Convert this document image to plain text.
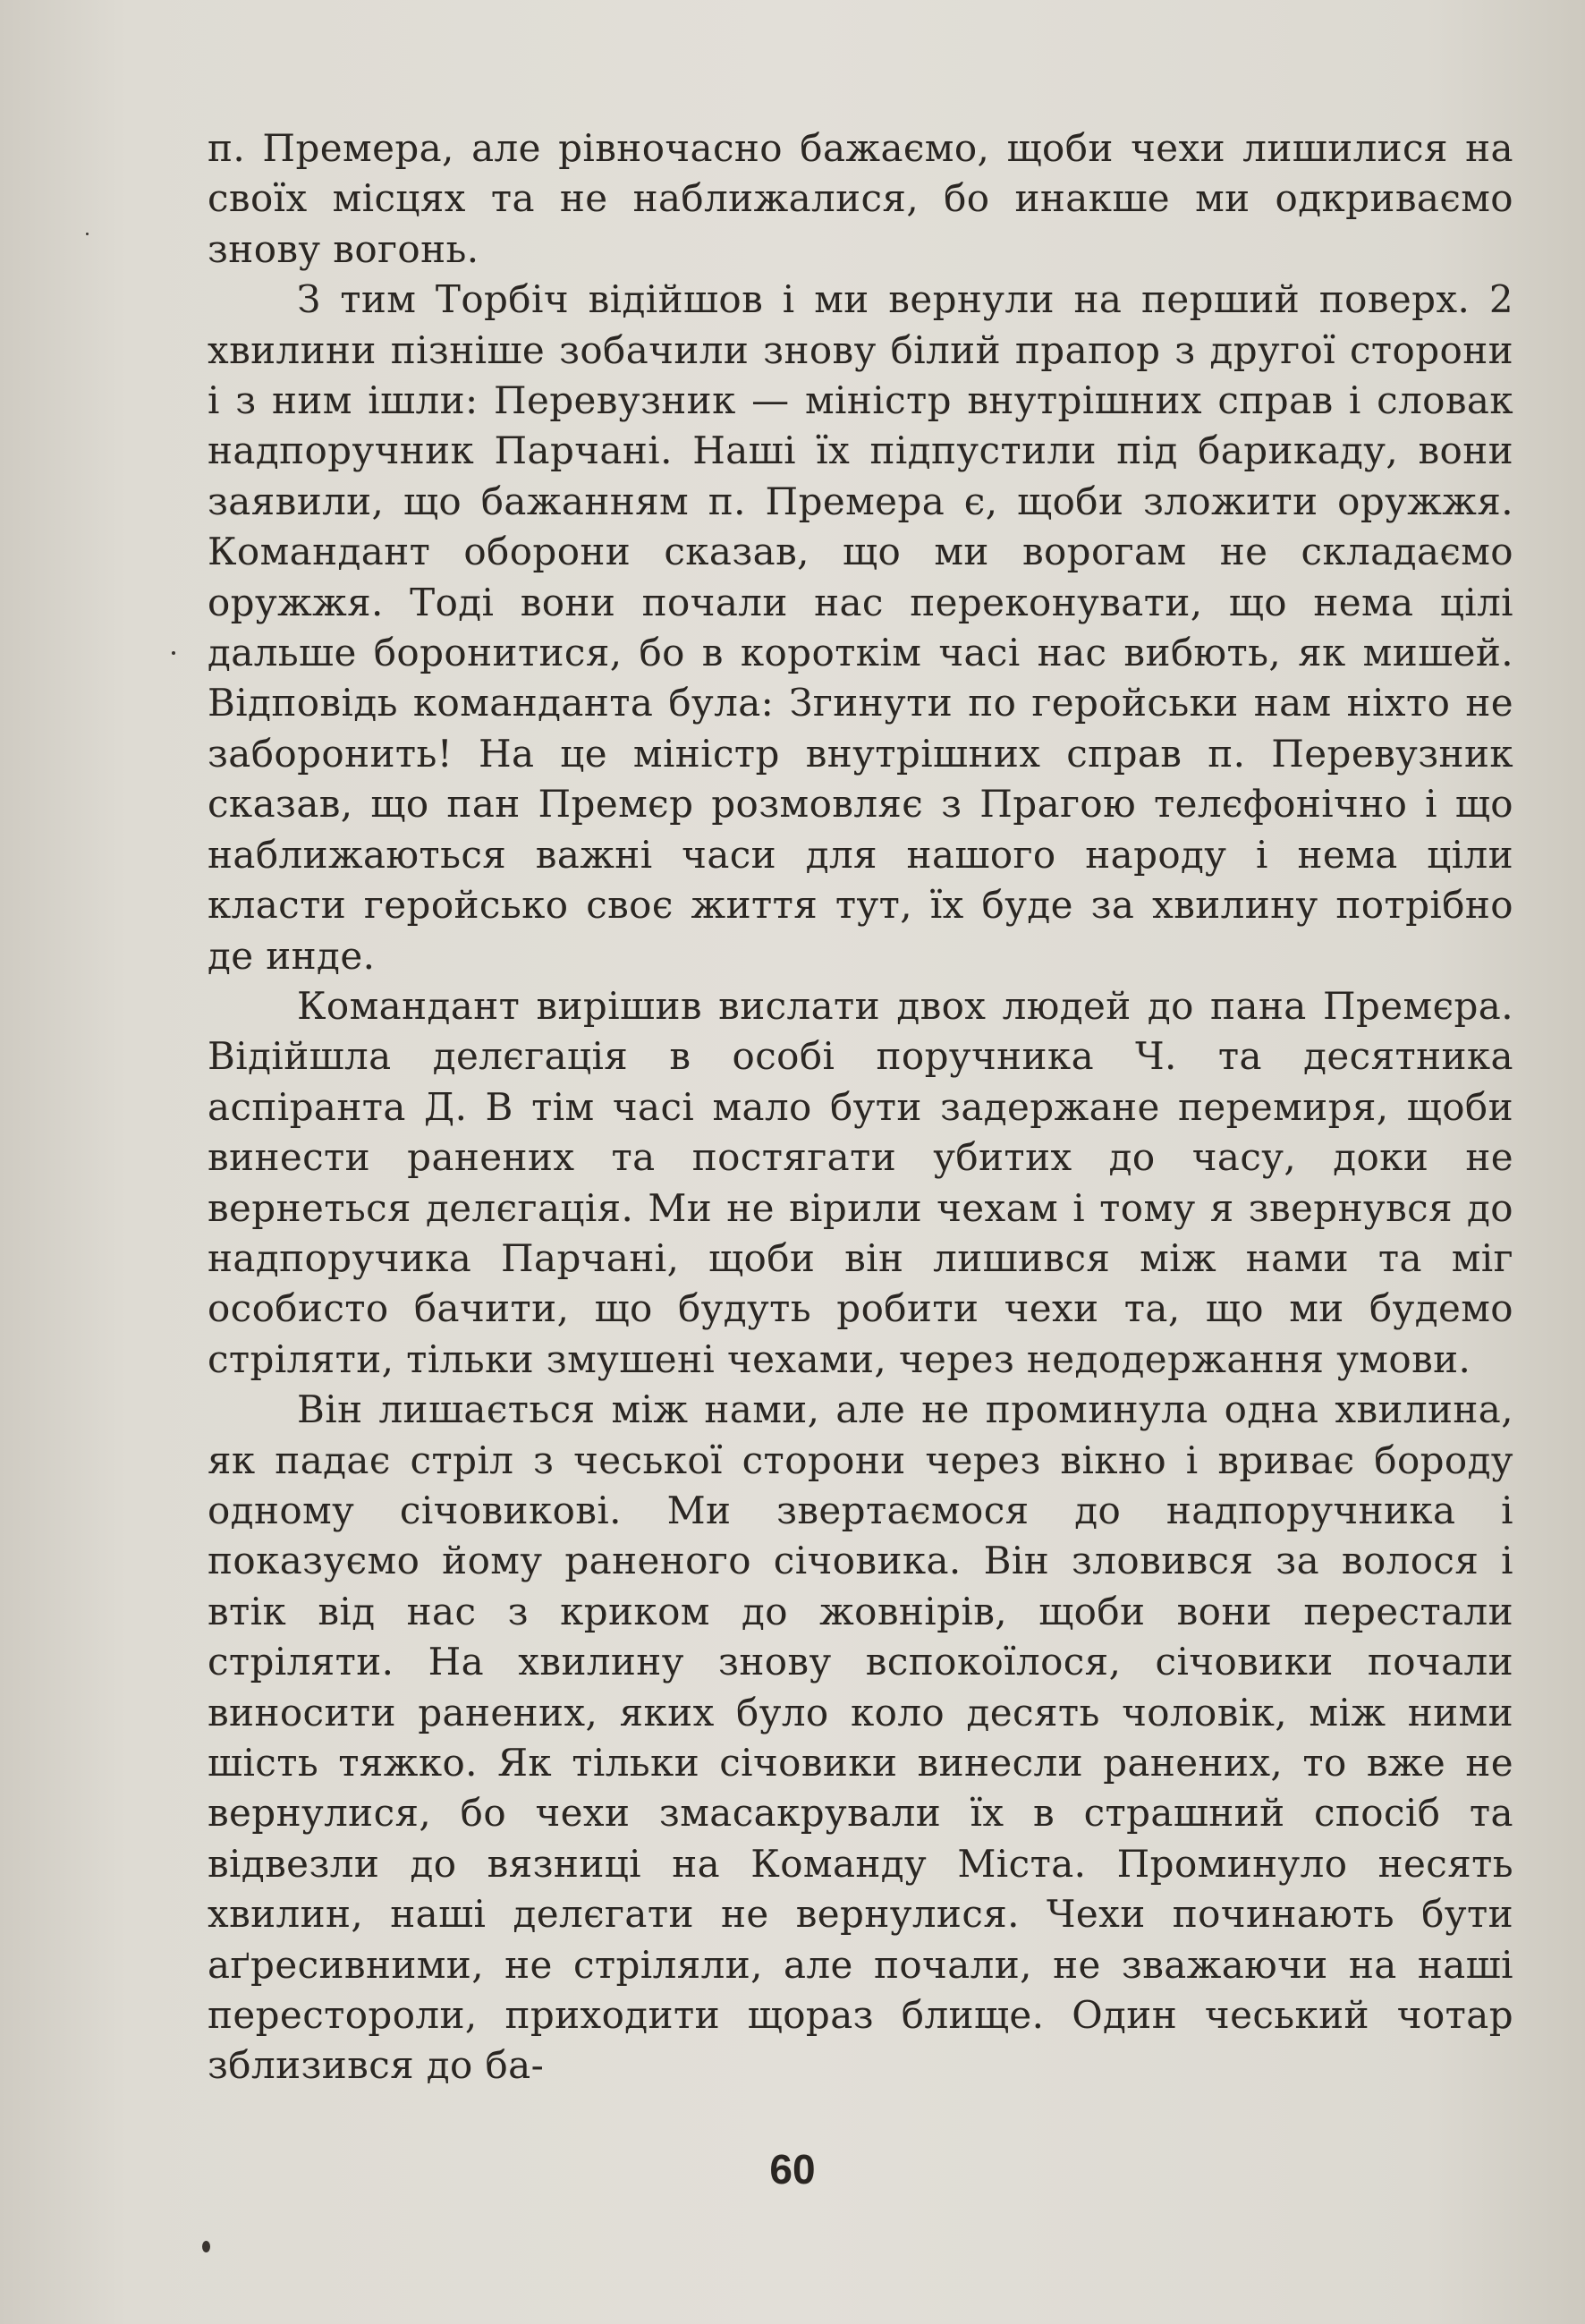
п. Премера, але рівночасно бажаємо, щоби чехи лишилися на своїх місцях та не наближалися, бо инакше ми одкриваємо знову вогонь.

З тим Торбіч відійшов і ми вернули на перший поверх. 2 хвилини пізніше зобачили знову білий прапор з другої сторони і з ним ішли: Перевузник — міністр внутрішних справ і словак надпоручник Парчані. Наші їх підпустили під барикаду, вони заявили, що бажанням п. Премера є, щоби зложити оружжя. Командант оборони сказав, що ми ворогам не складаємо оружжя. Тоді вони почали нас переконувати, що нема цілі дальше боронитися, бо в короткім часі нас вибють, як мишей. Відповідь команданта була: Згинути по геройськи нам ніхто не заборонить! На це міністр внутрішних справ п. Перевузник сказав, що пан Премєр розмовляє з Прагою телєфонічно і що наближаються важні часи для нашого народу і нема ціли класти геройсько своє життя тут, їх буде за хвилину потрібно де инде.

Командант вирішив вислати двох людей до пана Премєра. Відійшла делєгація в особі поручника Ч. та десятника аспіранта Д. В тім часі мало бути задержане перемиря, щоби винести ранених та постягати убитих до часу, доки не вернеться делєгація. Ми не вірили чехам і тому я звернувся до надпоручика Парчані, щоби він лишився між нами та міг особисто бачити, що будуть робити чехи та, що ми будемо стріляти, тільки змушені чехами, через недодержання умови.

Він лишається між нами, але не проминула одна хвилина, як падає стріл з чеської сторони через вікно і вриває бороду одному січовикові. Ми звертаємося до надпоручника і показуємо йому раненого січовика. Він зловився за волося і втік від нас з криком до жовнірів, щоби вони перестали стріляти. На хвилину знову вспокоїлося, січовики почали виносити ранених, яких було коло десять чоловік, між ними шість тяжко. Як тільки січовики винесли ранених, то вже не вернулися, бо чехи змасакрували їх в страшний спосіб та відвезли до вязниці на Команду Міста. Проминуло несять хвилин, наші делєгати не вернулися. Чехи починають бути аґресивними, не стріляли, але почали, не зважаючи на наші перестороли, приходити щораз блище. Один чеський чотар зблизився до ба-

60
